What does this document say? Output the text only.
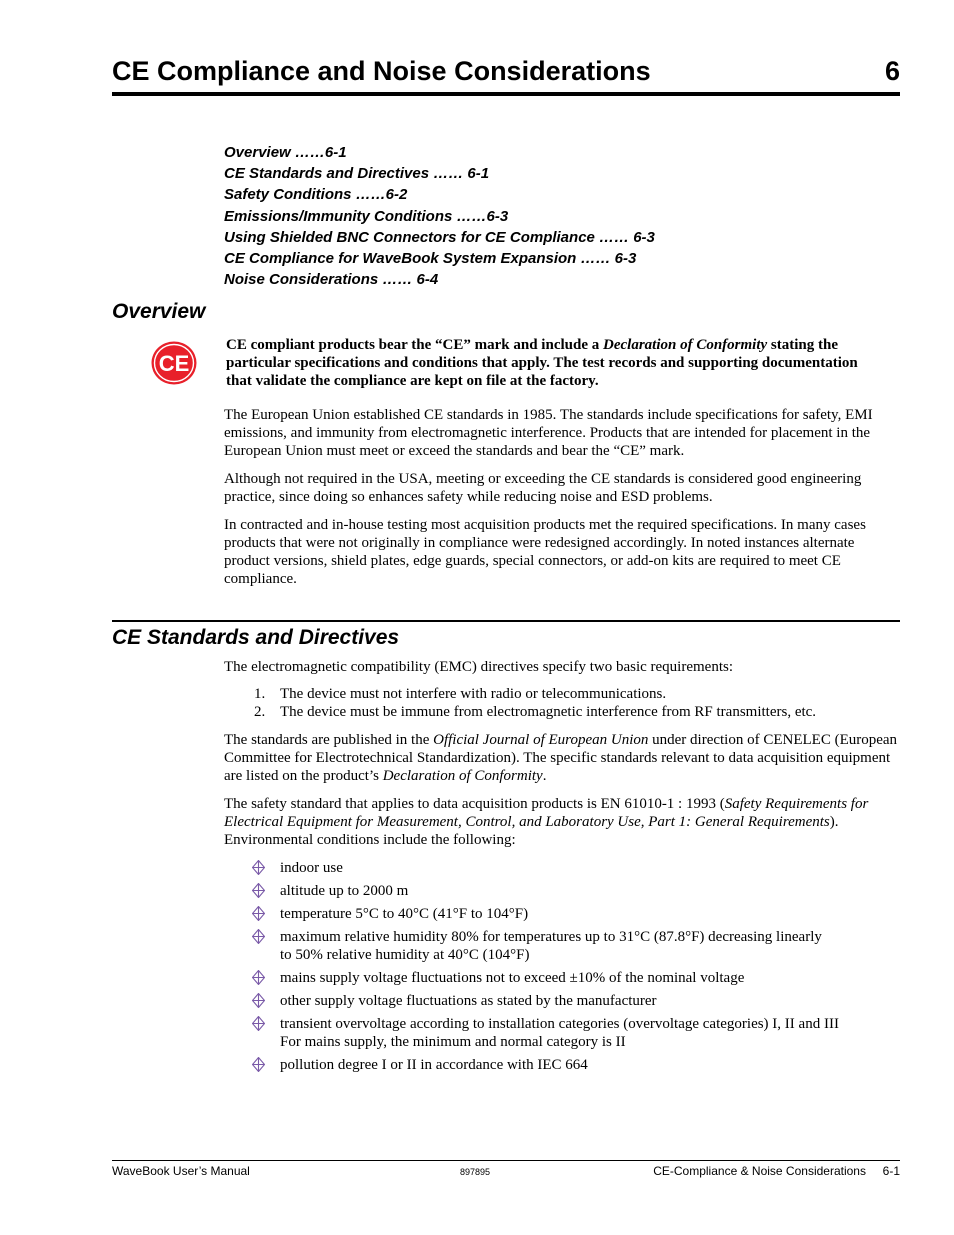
CE Compliance and Noise Considerations	6
Overview ……6-1
CE Standards and Directives …… 6-1
Safety Conditions ……6-2
Emissions/Immunity Conditions ……6-3
Using Shielded BNC Connectors for CE Compliance …… 6-3
CE Compliance for WaveBook System Expansion …… 6-3
Noise Considerations …… 6-4
Overview
CE
CE compliant products bear the “CE” mark and include a Declaration of Conformity stating the particular specifications and conditions that apply. The test records and supporting documentation that validate the compliance are kept on file at the factory.

The European Union established CE standards in 1985. The standards include specifications for safety, EMI emissions, and immunity from electromagnetic interference. Products that are intended for placement in the European Union must meet or exceed the standards and bear the “CE” mark.

Although not required in the USA, meeting or exceeding the CE standards is considered good engineering practice, since doing so enhances safety while reducing noise and ESD problems.

In contracted and in-house testing most acquisition products met the required specifications. In many cases products that were not originally in compliance were redesigned accordingly. In noted instances alternate product versions, shield plates, edge guards, special connectors, or add-on kits are required to meet CE compliance.

CE Standards and Directives
The electromagnetic compatibility (EMC) directives specify two basic requirements:
1. The device must not interfere with radio or telecommunications.
2. The device must be immune from electromagnetic interference from RF transmitters, etc.

The standards are published in the Official Journal of European Union under direction of CENELEC (European Committee for Electrotechnical Standardization). The specific standards relevant to data acquisition equipment are listed on the product’s Declaration of Conformity.

The safety standard that applies to data acquisition products is EN 61010-1 : 1993 (Safety Requirements for Electrical Equipment for Measurement, Control, and Laboratory Use, Part 1: General Requirements). Environmental conditions include the following:

indoor use
altitude up to 2000 m
temperature 5°C to 40°C (41°F to 104°F)
maximum relative humidity 80% for temperatures up to 31°C (87.8°F) decreasing linearly
to 50% relative humidity at 40°C (104°F)
mains supply voltage fluctuations not to exceed ±10% of the nominal voltage
other supply voltage fluctuations as stated by the manufacturer
transient overvoltage according to installation categories (overvoltage categories) I, II and III
For mains supply, the minimum and normal category is II
pollution degree I or II in accordance with IEC 664
WaveBook User’s Manual	897895	CE-Compliance & Noise Considerations     6-1
